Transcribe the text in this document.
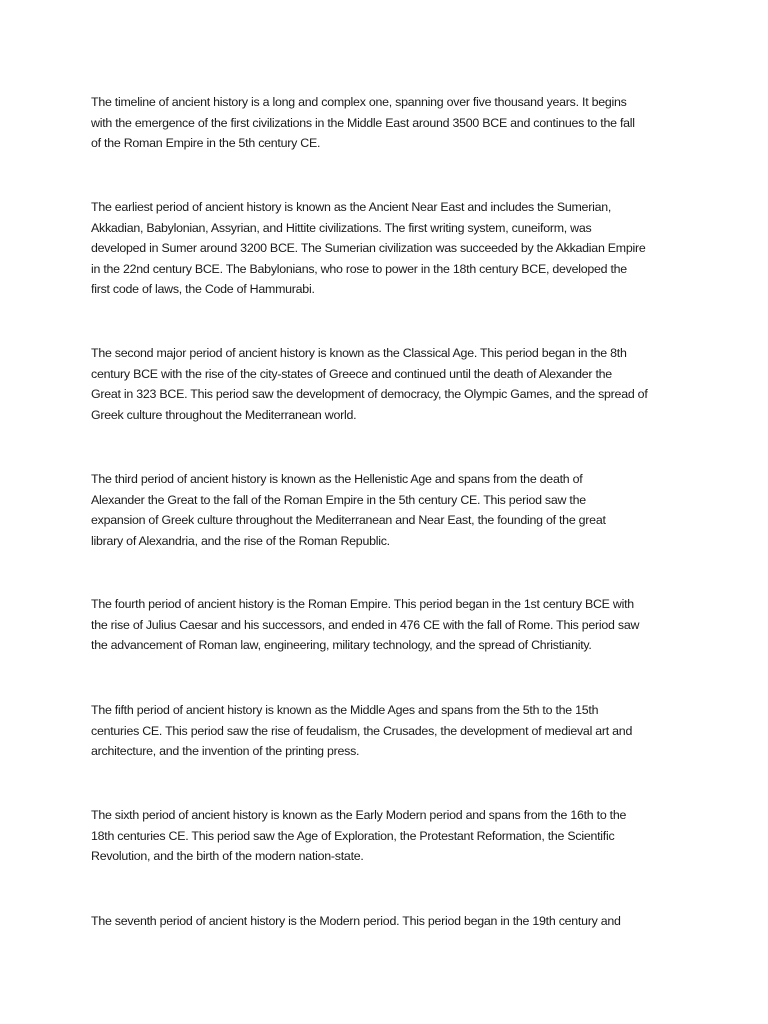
The timeline of ancient history is a long and complex one, spanning over five thousand years. It begins
with the emergence of the first civilizations in the Middle East around 3500 BCE and continues to the fall
of the Roman Empire in the 5th century CE.
The earliest period of ancient history is known as the Ancient Near East and includes the Sumerian,
Akkadian, Babylonian, Assyrian, and Hittite civilizations. The first writing system, cuneiform, was
developed in Sumer around 3200 BCE. The Sumerian civilization was succeeded by the Akkadian Empire
in the 22nd century BCE. The Babylonians, who rose to power in the 18th century BCE, developed the
first code of laws, the Code of Hammurabi.
The second major period of ancient history is known as the Classical Age. This period began in the 8th
century BCE with the rise of the city-states of Greece and continued until the death of Alexander the
Great in 323 BCE. This period saw the development of democracy, the Olympic Games, and the spread of
Greek culture throughout the Mediterranean world.
The third period of ancient history is known as the Hellenistic Age and spans from the death of
Alexander the Great to the fall of the Roman Empire in the 5th century CE. This period saw the
expansion of Greek culture throughout the Mediterranean and Near East, the founding of the great
library of Alexandria, and the rise of the Roman Republic.
The fourth period of ancient history is the Roman Empire. This period began in the 1st century BCE with
the rise of Julius Caesar and his successors, and ended in 476 CE with the fall of Rome. This period saw
the advancement of Roman law, engineering, military technology, and the spread of Christianity.
The fifth period of ancient history is known as the Middle Ages and spans from the 5th to the 15th
centuries CE. This period saw the rise of feudalism, the Crusades, the development of medieval art and
architecture, and the invention of the printing press.
The sixth period of ancient history is known as the Early Modern period and spans from the 16th to the
18th centuries CE. This period saw the Age of Exploration, the Protestant Reformation, the Scientific
Revolution, and the birth of the modern nation-state.
The seventh period of ancient history is the Modern period. This period began in the 19th century and
